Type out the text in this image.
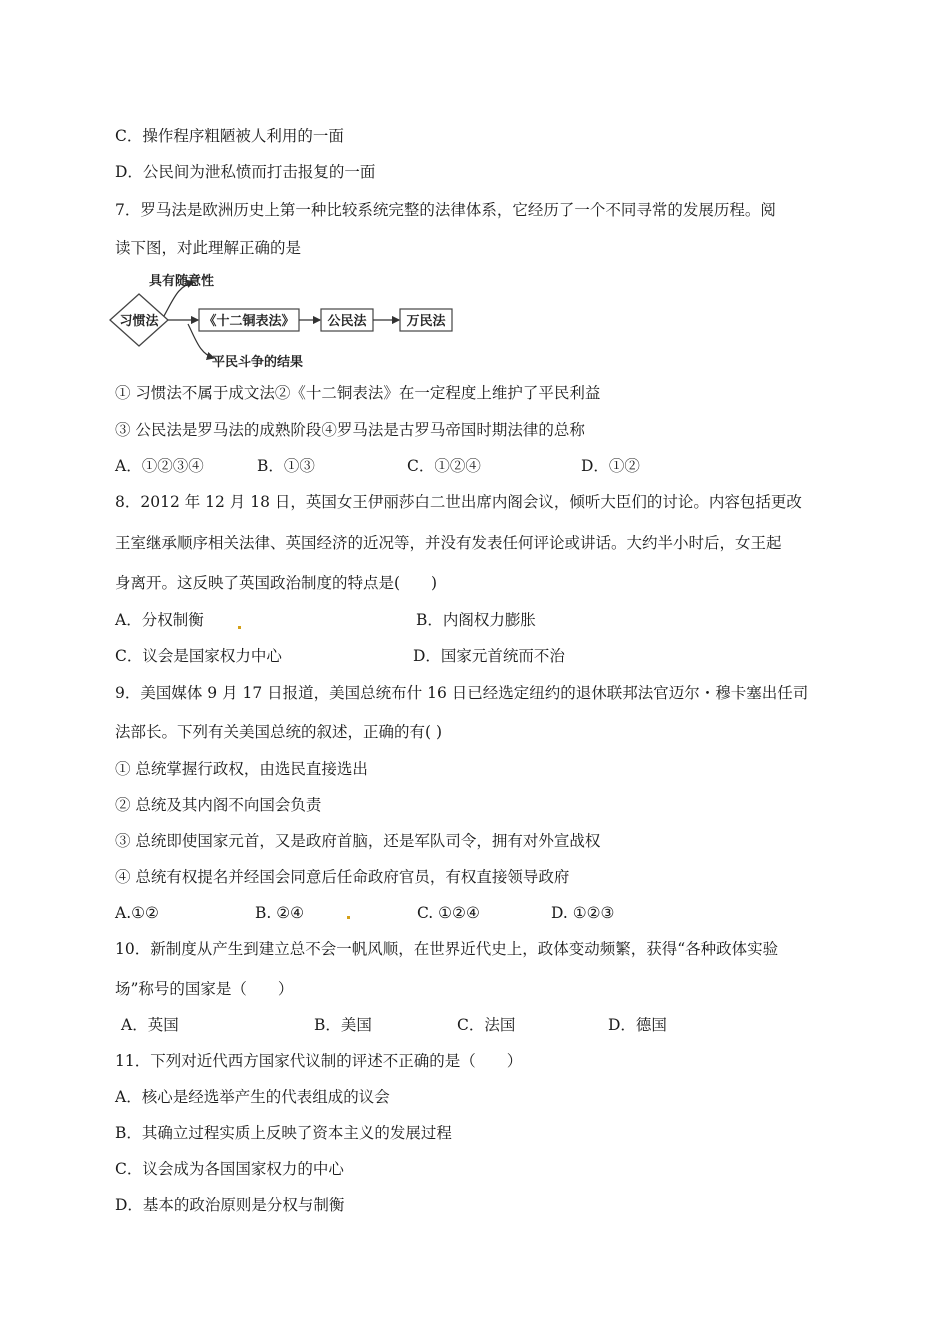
C．操作程序粗陋被人利用的一面
D．公民间为泄私愤而打击报复的一面
7．罗马法是欧洲历史上第一种比较系统完整的法律体系，它经历了一个不同寻常的发展历程。阅
读下图，对此理解正确的是
习惯法	《十二铜表法》	公民法	万民法
具有随意性
平民斗争的结果
① 习惯法不属于成文法②《十二铜表法》在一定程度上维护了平民利益
③ 公民法是罗马法的成熟阶段④罗马法是古罗马帝国时期法律的总称
A．①②③④	B．①③	C．①②④	D．①②
8．2012 年 12 月 18 日，英国女王伊丽莎白二世出席内阁会议，倾听大臣们的讨论。内容包括更改
王室继承顺序相关法律、英国经济的近况等，并没有发表任何评论或讲话。大约半小时后，女王起
身离开。这反映了英国政治制度的特点是(　　)
A．分权制衡	B．内阁权力膨胀
C．议会是国家权力中心	D．国家元首统而不治
9．美国媒体 9 月 17 日报道，美国总统布什 16 日已经选定纽约的退休联邦法官迈尔・穆卡塞出任司
法部长。下列有关美国总统的叙述，正确的有( )
① 总统掌握行政权，由选民直接选出
② 总统及其内阁不向国会负责
③ 总统即使国家元首，又是政府首脑，还是军队司令，拥有对外宣战权
④ 总统有权提名并经国会同意后任命政府官员，有权直接领导政府
A.①②	B. ②④	C. ①②④	D. ①②③
10．新制度从产生到建立总不会一帆风顺，在世界近代史上，政体变动频繁，获得“各种政体实验
场”称号的国家是（　　）
A．英国	B．美国	C．法国	D．德国
11．下列对近代西方国家代议制的评述不正确的是（　　）
A．核心是经选举产生的代表组成的议会
B．其确立过程实质上反映了资本主义的发展过程
C．议会成为各国国家权力的中心
D．基本的政治原则是分权与制衡
